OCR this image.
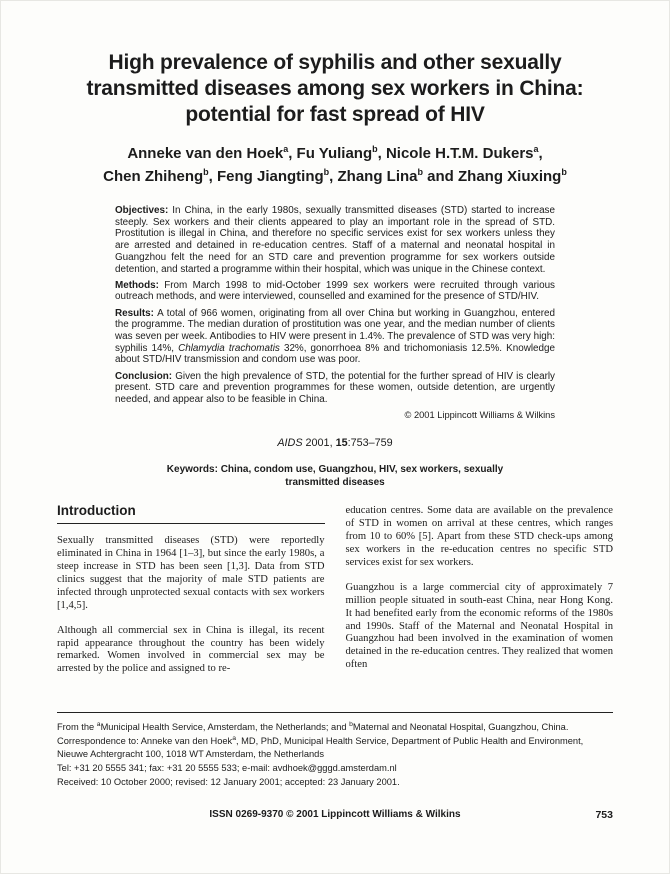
High prevalence of syphilis and other sexually
transmitted diseases among sex workers in China:
potential for fast spread of HIV
Anneke van den Hoek$^a$, Fu Yuliang$^b$, Nicole H.T.M. Dukers$^a$,
Chen Zhiheng$^b$, Feng Jiangting$^b$, Zhang Lina$^b$ and Zhang Xiuxing$^b$

Objectives: In China, in the early 1980s, sexually transmitted diseases (STD) started to increase steeply. Sex workers and their clients appeared to play an important role in the spread of STD. Prostitution is illegal in China, and therefore no specific services exist for sex workers unless they are arrested and detained in re-education centres. Staff of a maternal and neonatal hospital in Guangzhou felt the need for an STD care and prevention programme for sex workers outside detention, and started a programme within their hospital, which was unique in the Chinese context.

Methods: From March 1998 to mid-October 1999 sex workers were recruited through various outreach methods, and were interviewed, counselled and examined for the presence of STD/HIV.

Results: A total of 966 women, originating from all over China but working in Guangzhou, entered the programme. The median duration of prostitution was one year, and the median number of clients was seven per week. Antibodies to HIV were present in 1.4%. The prevalence of STD was very high: syphilis 14%, Chlamydia trachomatis 32%, gonorrhoea 8% and trichomoniasis 12.5%. Knowledge about STD/HIV transmission and condom use was poor.

Conclusion: Given the high prevalence of STD, the potential for the further spread of HIV is clearly present. STD care and prevention programmes for these women, outside detention, are urgently needed, and appear also to be feasible in China.

© 2001 Lippincott Williams & Wilkins
AIDS 2001, 15:753–759
Keywords: China, condom use, Guangzhou, HIV, sex workers, sexually
transmitted diseases
Introduction

Sexually transmitted diseases (STD) were reportedly eliminated in China in 1964 [1–3], but since the early 1980s, a steep increase in STD has been seen [1,3]. Data from STD clinics suggest that the majority of male STD patients are infected through unprotected sexual contacts with sex workers [1,4,5].

Although all commercial sex in China is illegal, its recent rapid appearance throughout the country has been widely remarked. Women involved in commercial sex may be arrested by the police and assigned to re-

education centres. Some data are available on the prevalence of STD in women on arrival at these centres, which ranges from 10 to 60% [5]. Apart from these STD check-ups among sex workers in the re-education centres no specific STD services exist for sex workers.

Guangzhou is a large commercial city of approximately 7 million people situated in south-east China, near Hong Kong. It had benefited early from the economic reforms of the 1980s and 1990s. Staff of the Maternal and Neonatal Hospital in Guangzhou had been involved in the examination of women detained in the re-education centres. They realized that women often

From the $^a$Municipal Health Service, Amsterdam, the Netherlands; and $^b$Maternal and Neonatal Hospital, Guangzhou, China.

Correspondence to: Anneke van den Hoek$^a$, MD, PhD, Municipal Health Service, Department of Public Health and Environment, Nieuwe Achtergracht 100, 1018 WT Amsterdam, the Netherlands

Tel: +31 20 5555 341; fax: +31 20 5555 533; e-mail: avdhoek@gggd.amsterdam.nl

Received: 10 October 2000; revised: 12 January 2001; accepted: 23 January 2001.

ISSN 0269-9370 © 2001 Lippincott Williams & Wilkins	753
